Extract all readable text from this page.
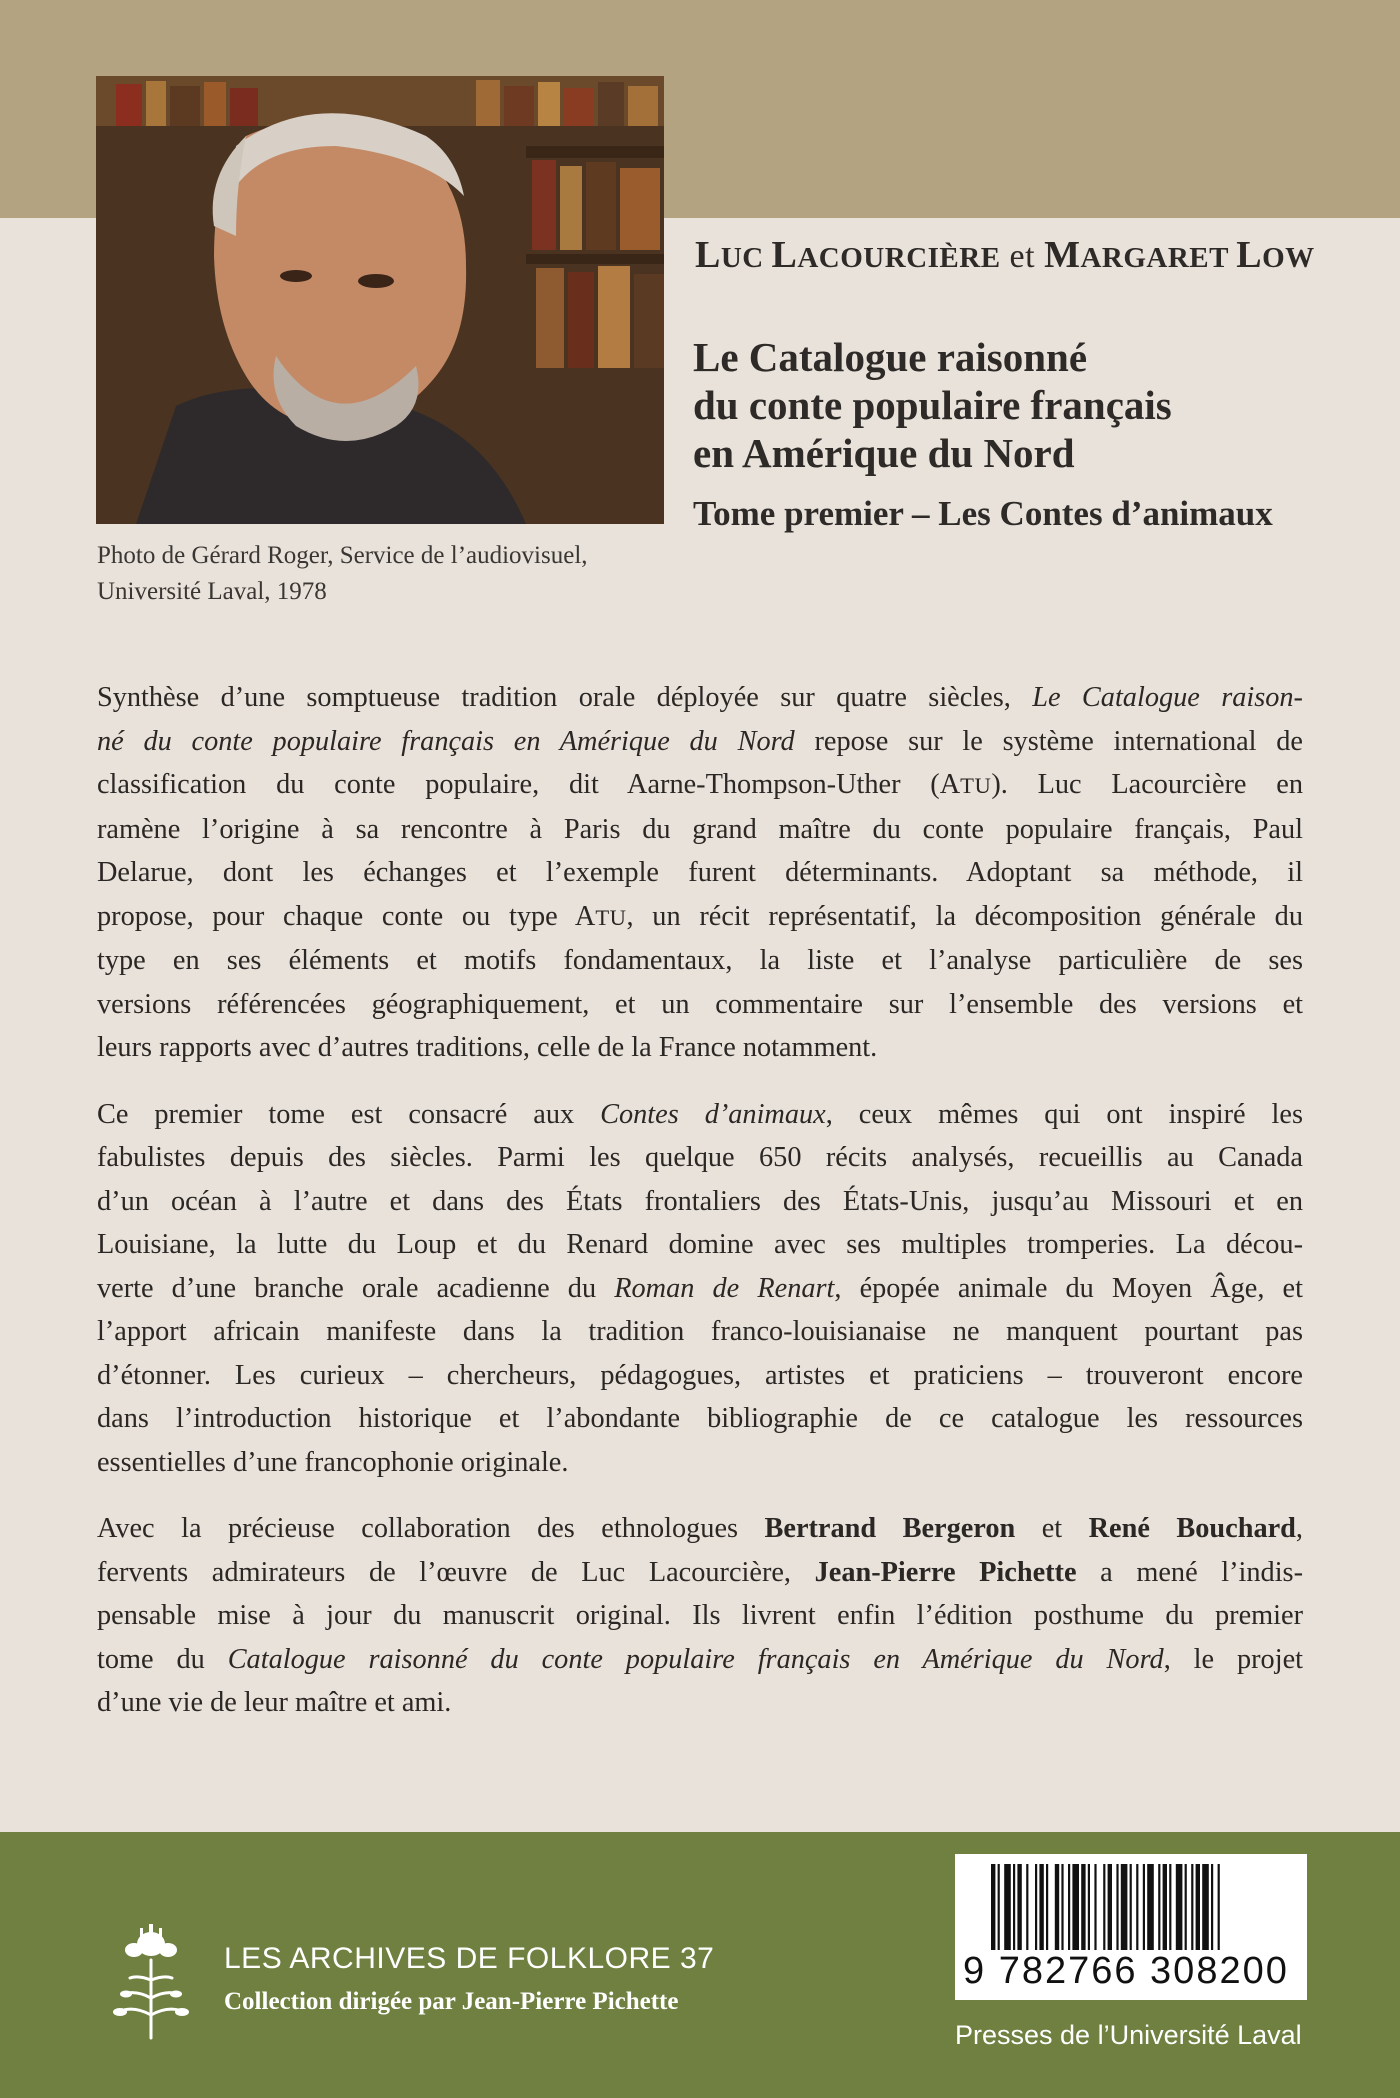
Photo de Gérard Roger, Service de l’audiovisuel,
Université Laval, 1978
LUC LACOURCIÈRE et MARGARET LOW
Le Catalogue raisonné
du conte populaire français
en Amérique du Nord
Tome premier – Les Contes d’animaux

Synthèse d’une somptueuse tradition orale déployée sur quatre siècles, Le Catalogue raison-
né du conte populaire français en Amérique du Nord repose sur le système international de
classification du conte populaire, dit Aarne-Thompson-Uther (ATU). Luc Lacourcière en
ramène l’origine à sa rencontre à Paris du grand maître du conte populaire français, Paul
Delarue, dont les échanges et l’exemple furent déterminants. Adoptant sa méthode, il
propose, pour chaque conte ou type ATU, un récit représentatif, la décomposition générale du
type en ses éléments et motifs fondamentaux, la liste et l’analyse particulière de ses
versions référencées géographiquement, et un commentaire sur l’ensemble des versions et
leurs rapports avec d’autres traditions, celle de la France notamment.

Ce premier tome est consacré aux Contes d’animaux, ceux mêmes qui ont inspiré les
fabulistes depuis des siècles. Parmi les quelque 650 récits analysés, recueillis au Canada
d’un océan à l’autre et dans des États frontaliers des États-Unis, jusqu’au Missouri et en
Louisiane, la lutte du Loup et du Renard domine avec ses multiples tromperies. La décou-
verte d’une branche orale acadienne du Roman de Renart, épopée animale du Moyen Âge, et
l’apport africain manifeste dans la tradition franco-louisianaise ne manquent pourtant pas
d’étonner. Les curieux – chercheurs, pédagogues, artistes et praticiens – trouveront encore
dans l’introduction historique et l’abondante bibliographie de ce catalogue les ressources
essentielles d’une francophonie originale.

Avec la précieuse collaboration des ethnologues Bertrand Bergeron et René Bouchard,
fervents admirateurs de l’œuvre de Luc Lacourcière, Jean-Pierre Pichette a mené l’indis-
pensable mise à jour du manuscrit original. Ils livrent enfin l’édition posthume du premier
tome du Catalogue raisonné du conte populaire français en Amérique du Nord, le projet
d’une vie de leur maître et ami.

LES ARCHIVES DE FOLKLORE 37
Collection dirigée par Jean-Pierre Pichette
9 782766 308200
Presses de l’Université Laval
